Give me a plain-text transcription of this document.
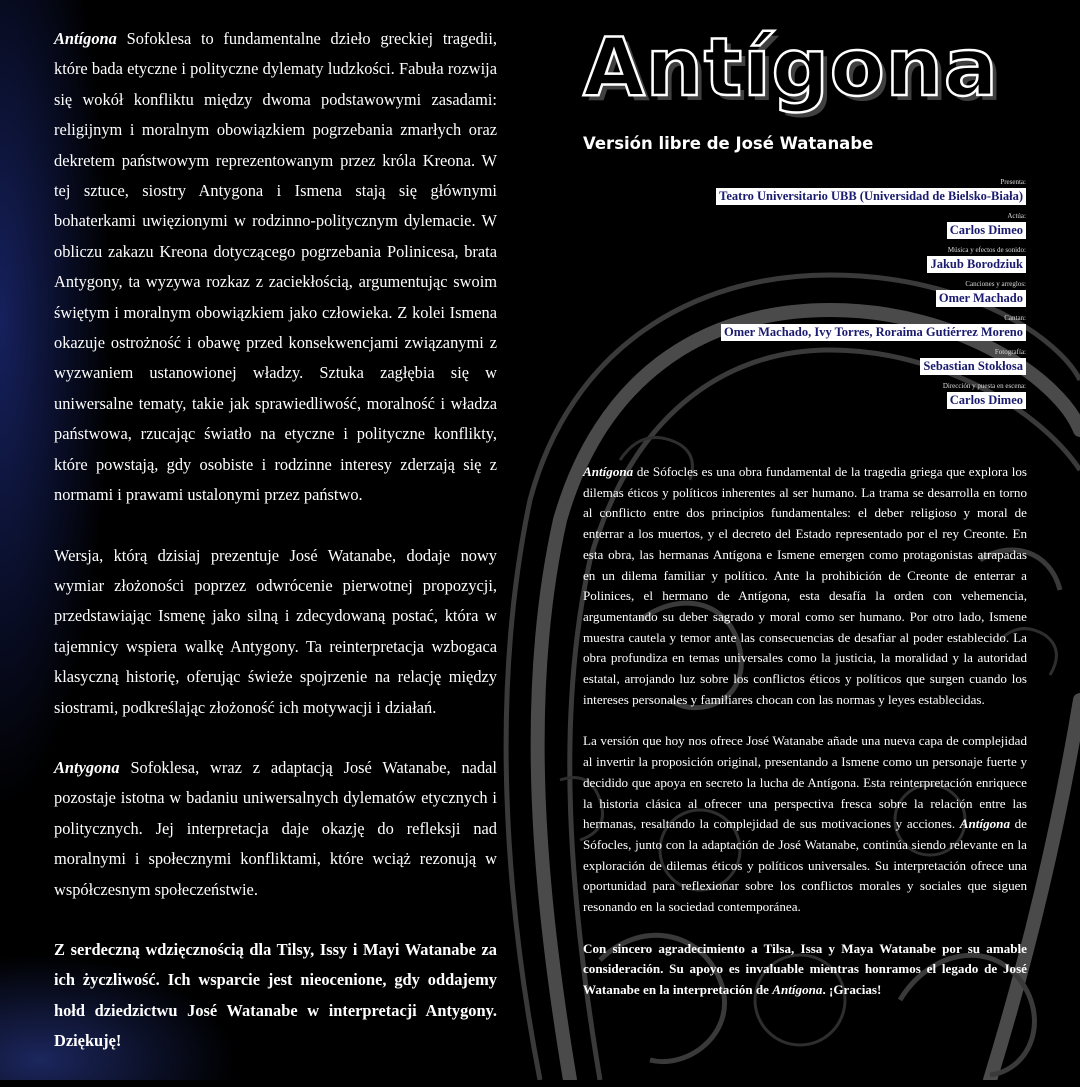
Antígona Sofoklesa to fundamentalne dzieło greckiej tragedii, które bada etyczne i polityczne dylematy ludzkości. Fabuła rozwija się wokół konfliktu między dwoma podstawowymi zasadami: religijnym i moralnym obowiązkiem pogrzebania zmarłych oraz dekretem państwowym reprezentowanym przez króla Kreona. W tej sztuce, siostry Antygona i Ismena stają się głównymi bohaterkami uwięzionymi w rodzinno-politycznym dylemacie. W obliczu zakazu Kreona dotyczącego pogrzebania Polinicesa, brata Antygony, ta wyzywa rozkaz z zaciekłością, argumentując swoim świętym i moralnym obowiązkiem jako człowieka. Z kolei Ismena okazuje ostrożność i obawę przed konsekwencjami związanymi z wyzwaniem ustanowionej władzy. Sztuka zagłębia się w uniwersalne tematy, takie jak sprawiedliwość, moralność i władza państwowa, rzucając światło na etyczne i polityczne konflikty, które powstają, gdy osobiste i rodzinne interesy zderzają się z normami i prawami ustalonymi przez państwo.

Wersja, którą dzisiaj prezentuje José Watanabe, dodaje nowy wymiar złożoności poprzez odwrócenie pierwotnej propozycji, przedstawiając Ismenę jako silną i zdecydowaną postać, która w tajemnicy wspiera walkę Antygony. Ta reinterpretacja wzbogaca klasyczną historię, oferując świeże spojrzenie na relację między siostrami, podkreślając złożoność ich motywacji i działań.

Antygona Sofoklesa, wraz z adaptacją José Watanabe, nadal pozostaje istotna w badaniu uniwersalnych dylematów etycznych i politycznych. Jej interpretacja daje okazję do refleksji nad moralnymi i społecznymi konfliktami, które wciąż rezonują w współczesnym społeczeństwie.

Z serdeczną wdzięcznością dla Tilsy, Issy i Mayi Watanabe za ich życzliwość. Ich wsparcie jest nieocenione, gdy oddajemy hołd dziedzictwu José Watanabe w interpretacji Antygony. Dziękuję!

Antígona
Versión libre de José Watanabe
Presenta:
Teatro Universitario UBB (Universidad de Bielsko-Biała)
Actúa:
Carlos Dimeo
Música y efectos de sonido:
Jakub Borodziuk
Canciones y arreglos:
Omer Machado
Cantan:
Omer Machado, Ivy Torres, Roraima Gutiérrez Moreno
Fotografía:
Sebastian Stokłosa
Dirección y puesta en escena:
Carlos Dimeo

Antígona de Sófocles es una obra fundamental de la tragedia griega que explora los dilemas éticos y políticos inherentes al ser humano. La trama se desarrolla en torno al conflicto entre dos principios fundamentales: el deber religioso y moral de enterrar a los muertos, y el decreto del Estado representado por el rey Creonte. En esta obra, las hermanas Antígona e Ismene emergen como protagonistas atrapadas en un dilema familiar y político. Ante la prohibición de Creonte de enterrar a Polinices, el hermano de Antígona, esta desafía la orden con vehemencia, argumentando su deber sagrado y moral como ser humano. Por otro lado, Ismene muestra cautela y temor ante las consecuencias de desafiar al poder establecido. La obra profundiza en temas universales como la justicia, la moralidad y la autoridad estatal, arrojando luz sobre los conflictos éticos y políticos que surgen cuando los intereses personales y familiares chocan con las normas y leyes establecidas.

La versión que hoy nos ofrece José Watanabe añade una nueva capa de complejidad al invertir la proposición original, presentando a Ismene como un personaje fuerte y decidido que apoya en secreto la lucha de Antígona. Esta reinterpretación enriquece la historia clásica al ofrecer una perspectiva fresca sobre la relación entre las hermanas, resaltando la complejidad de sus motivaciones y acciones. Antígona de Sófocles, junto con la adaptación de José Watanabe, continúa siendo relevante en la exploración de dilemas éticos y políticos universales. Su interpretación ofrece una oportunidad para reflexionar sobre los conflictos morales y sociales que siguen resonando en la sociedad contemporánea.

Con sincero agradecimiento a Tilsa, Issa y Maya Watanabe por su amable consideración. Su apoyo es invaluable mientras honramos el legado de José Watanabe en la interpretación de Antígona. ¡Gracias!
